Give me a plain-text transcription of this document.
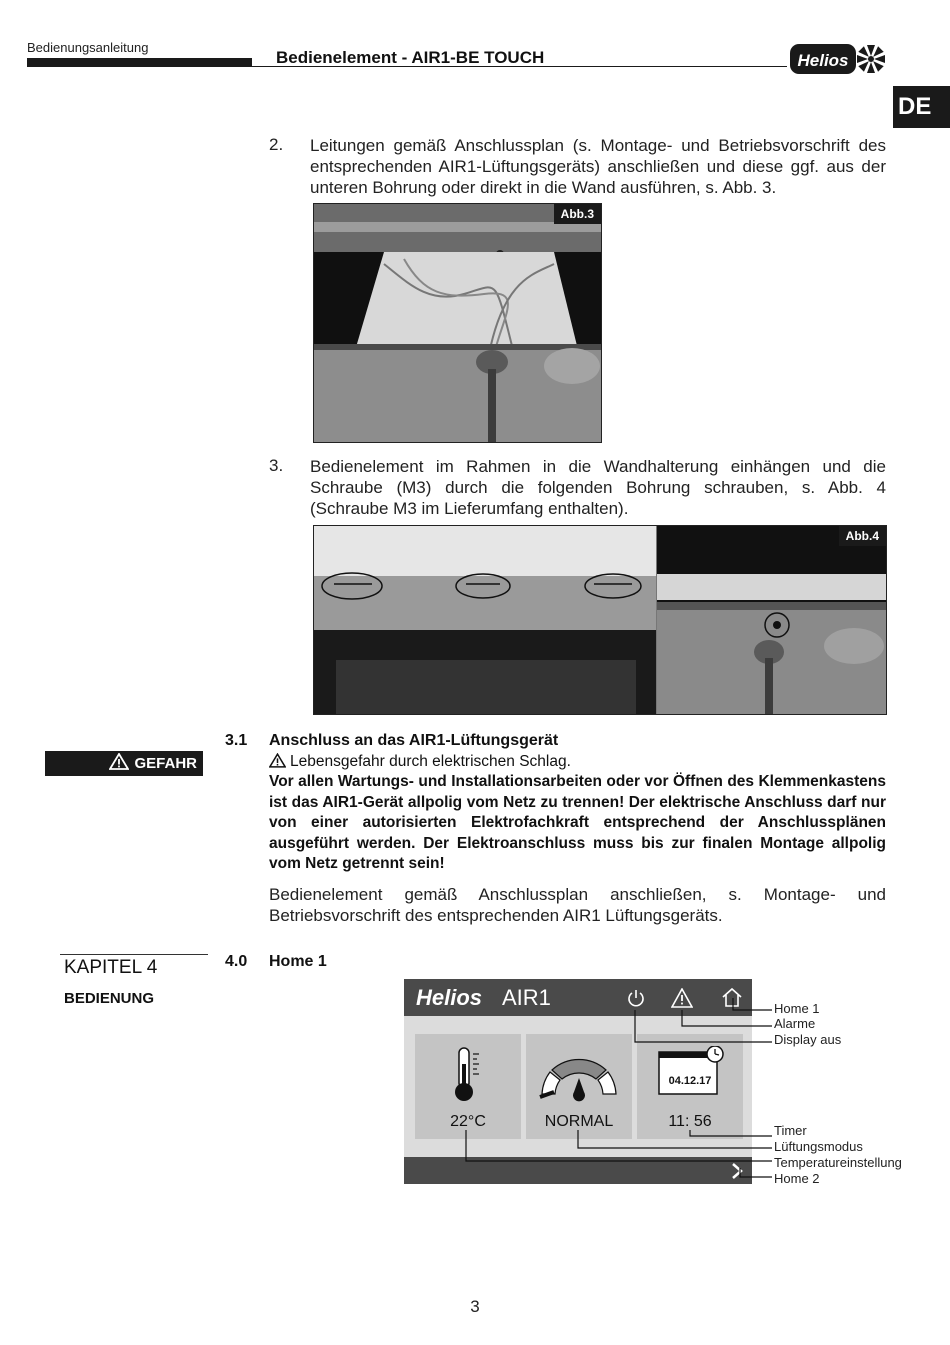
Bedienungsanleitung
Bedienelement - AIR1-BE TOUCH	Helios
DE
2. Leitungen gemäß Anschlussplan (s. Montage- und Betriebsvorschrift des entsprechenden AIR1-Lüftungsgeräts) anschließen und diese ggf. aus der unteren Bohrung oder direkt in die Wand ausführen, s. Abb. 3.
Abb.3
3. Bedienelement im Rahmen in die Wandhalterung einhängen und die Schraube (M3) durch die folgenden Bohrung schrauben, s. Abb. 4 (Schraube M3 im Lieferumfang enthalten).
Abb.4
GEFAHR
3.1 Anschluss an das AIR1-Lüftungsgerät
Lebensgefahr durch elektrischen Schlag.
Vor allen Wartungs- und Installationsarbeiten oder vor Öffnen des Klemmenkastens ist das AIR1-Gerät allpolig vom Netz zu trennen! Der elektrische Anschluss darf nur von einer autorisierten Elektrofachkraft entsprechend der Anschlussplänen ausgeführt werden. Der Elektroanschluss muss bis zur finalen Montage allpolig vom Netz getrennt sein!
Bedienelement gemäß Anschlussplan anschließen, s. Montage- und Betriebsvorschrift des entsprechenden AIR1 Lüftungsgeräts.
KAPITEL 4
BEDIENUNG
4.0 Home 1
Helios AIR1
22°C	NORMAL
04.12.17
11: 56
Home 1
Alarme
Display aus
Timer
Lüftungsmodus
Temperatureinstellung
Home 2
3
